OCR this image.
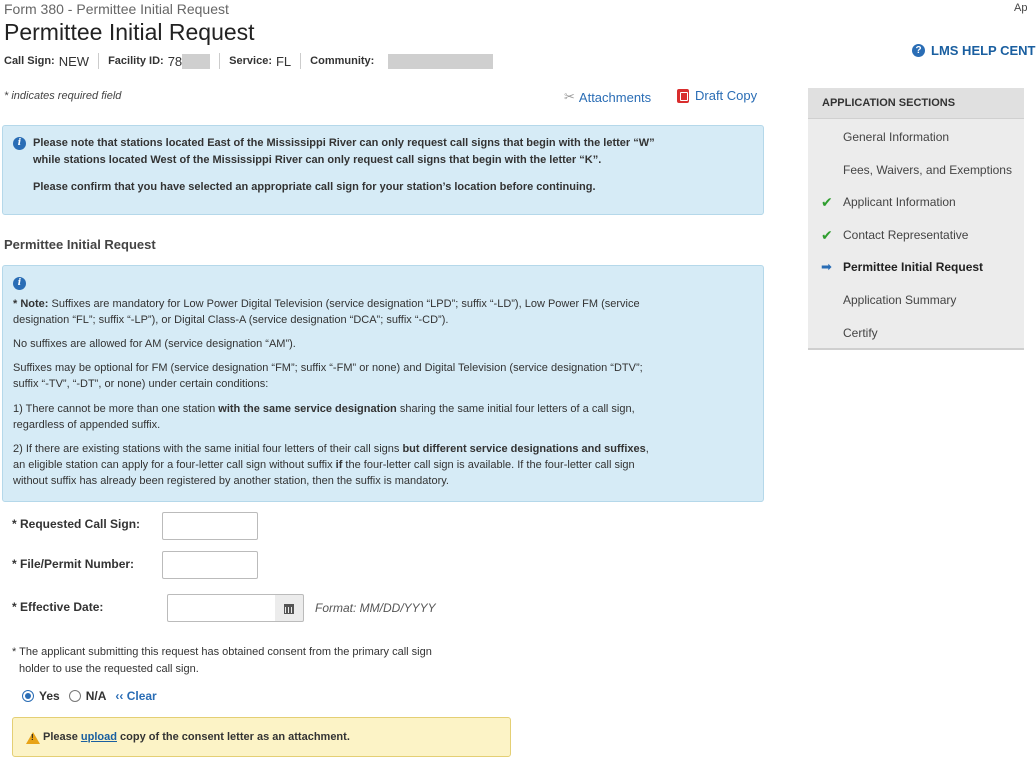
Form 380 - Permittee Initial Request	Ap
Permittee Initial Request
Call Sign: NEW Facility ID: 78	Service: FL Community:
? LMS HELP CENT
* indicates required field	✂ Attachments	Draft Copy
i	Please note that stations located East of the Mississippi River can only request call signs that begin with the letter “W”
while stations located West of the Mississippi River can only request call signs that begin with the letter “K”.
Please confirm that you have selected an appropriate call sign for your station’s location before continuing.
Permittee Initial Request
i
* Note: Suffixes are mandatory for Low Power Digital Television (service designation “LPD”; suffix “-LD”), Low Power FM (service
designation “FL”; suffix “-LP”), or Digital Class-A (service designation “DCA”; suffix “-CD”).
No suffixes are allowed for AM (service designation “AM”).
Suffixes may be optional for FM (service designation “FM”; suffix “-FM” or none) and Digital Television (service designation “DTV”;
suffix “-TV”, “-DT”, or none) under certain conditions:
1) There cannot be more than one station with the same service designation sharing the same initial four letters of a call sign,
regardless of appended suffix.
2) If there are existing stations with the same initial four letters of their call signs but different service designations and suffixes,
an eligible station can apply for a four-letter call sign without suffix if the four-letter call sign is available. If the four-letter call sign
without suffix has already been registered by another station, then the suffix is mandatory.
* Requested Call Sign:
* File/Permit Number:
* Effective Date:	Format: MM/DD/YYYY
* The applicant submitting this request has obtained consent from the primary call sign
holder to use the requested call sign.
Yes N/A ‹‹ Clear
!
Please upload copy of the consent letter as an attachment.
APPLICATION SECTIONS
General Information
Fees, Waivers, and Exemptions
✔ Applicant Information
✔ Contact Representative
➡ Permittee Initial Request
Application Summary
Certify
